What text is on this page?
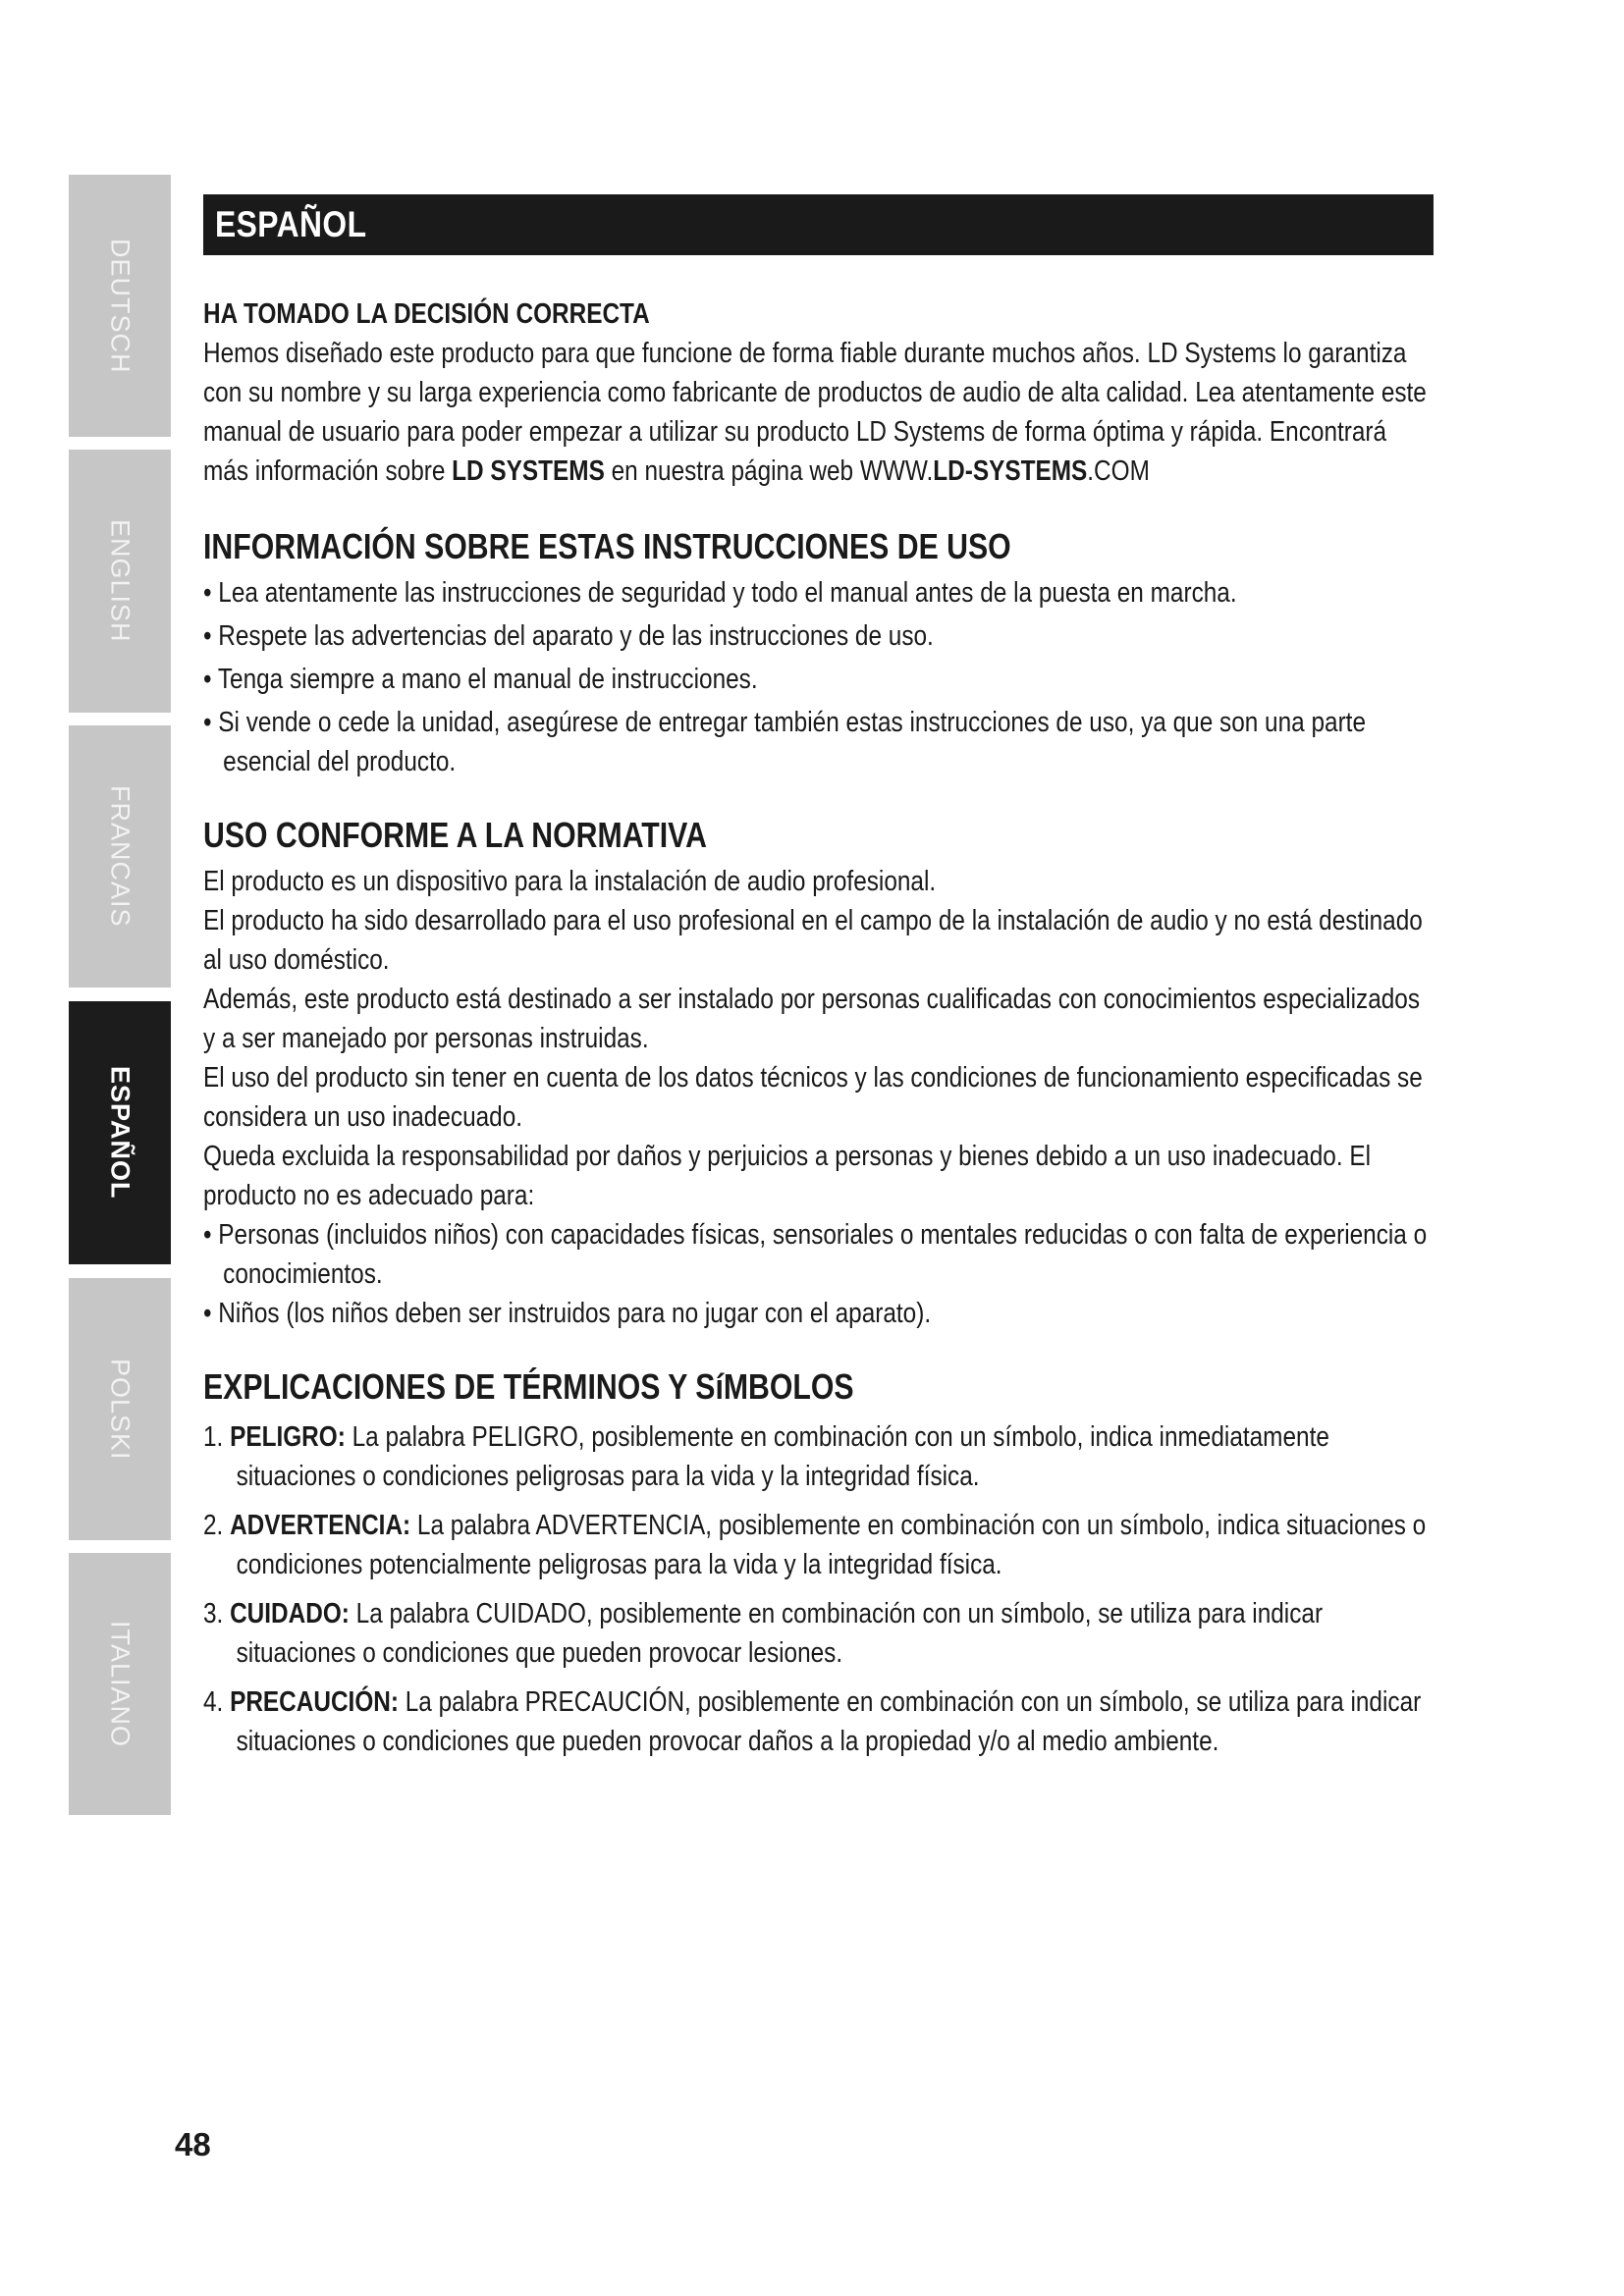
DEUTSCH
ENGLISH
FRANCAIS
ESPAÑOL
POLSKI
ITALIANO
ESPAÑOL

HA TOMADO LA DECISIÓN CORRECTA

Hemos diseñado este producto para que funcione de forma fiable durante muchos años. LD Systems lo garantiza con su nombre y su larga experiencia como fabricante de productos de audio de alta calidad. Lea atentamente este manual de usuario para poder empezar a utilizar su producto LD Systems de forma óptima y rápida. Encontrará más información sobre LD SYSTEMS en nuestra página web WWW.LD-SYSTEMS.COM

INFORMACIÓN SOBRE ESTAS INSTRUCCIONES DE USO

• Lea atentamente las instrucciones de seguridad y todo el manual antes de la puesta en marcha.

• Respete las advertencias del aparato y de las instrucciones de uso.

• Tenga siempre a mano el manual de instrucciones.

• Si vende o cede la unidad, asegúrese de entregar también estas instrucciones de uso, ya que son una parte esencial del producto.

USO CONFORME A LA NORMATIVA

El producto es un dispositivo para la instalación de audio profesional.

El producto ha sido desarrollado para el uso profesional en el campo de la instalación de audio y no está destinado al uso doméstico.

Además, este producto está destinado a ser instalado por personas cualificadas con conocimientos especializados y a ser manejado por personas instruidas.

El uso del producto sin tener en cuenta de los datos técnicos y las condiciones de funcionamiento especificadas se considera un uso inadecuado.

Queda excluida la responsabilidad por daños y perjuicios a personas y bienes debido a un uso inadecuado. El producto no es adecuado para:

• Personas (incluidos niños) con capacidades físicas, sensoriales o mentales reducidas o con falta de experiencia o conocimientos.

• Niños (los niños deben ser instruidos para no jugar con el aparato).

EXPLICACIONES DE TÉRMINOS Y SíMBOLOS

1. PELIGRO: La palabra PELIGRO, posiblemente en combinación con un símbolo, indica inmediatamente situaciones o condiciones peligrosas para la vida y la integridad física.

2. ADVERTENCIA: La palabra ADVERTENCIA, posiblemente en combinación con un símbolo, indica situaciones o condiciones potencialmente peligrosas para la vida y la integridad física.

3. CUIDADO: La palabra CUIDADO, posiblemente en combinación con un símbolo, se utiliza para indicar situaciones o condiciones que pueden provocar lesiones.

4. PRECAUCIÓN: La palabra PRECAUCIÓN, posiblemente en combinación con un símbolo, se utiliza para indicar situaciones o condiciones que pueden provocar daños a la propiedad y/o al medio ambiente.

48
